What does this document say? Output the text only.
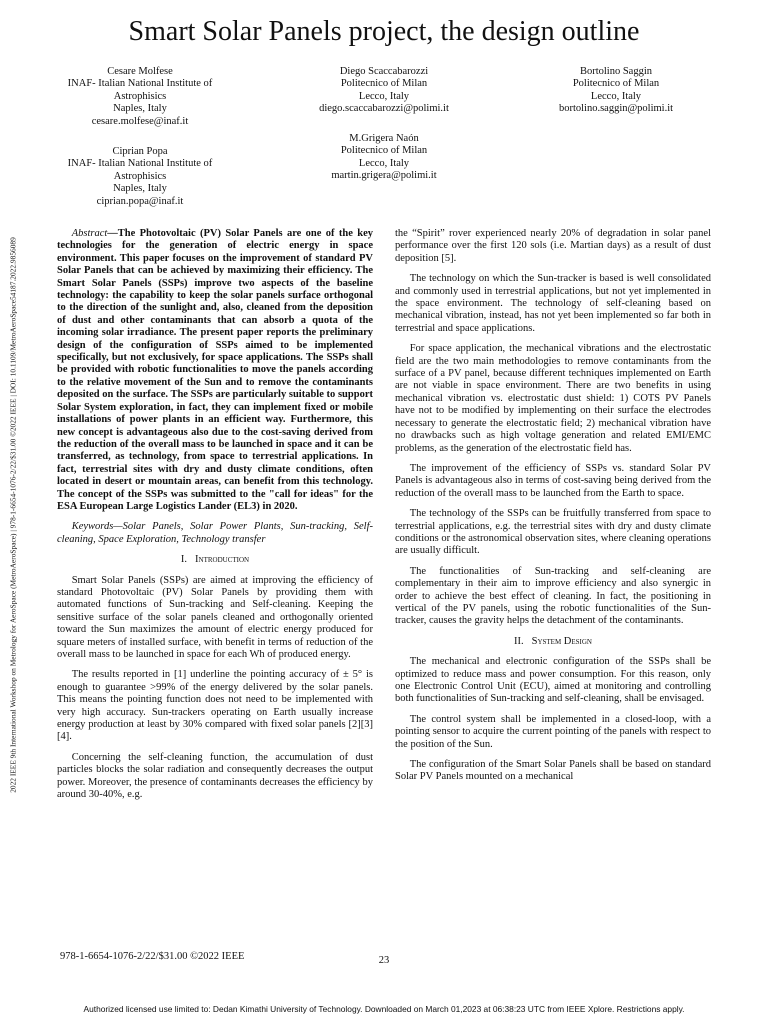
Smart Solar Panels project, the design outline
2022 IEEE 9th International Workshop on Metrology for AeroSpace (MetroAeroSpace) | 978-1-6654-1076-2/22/$31.00 ©2022 IEEE | DOI: 10.1109/MetroAeroSpace54187.2022.9856089
Cesare Molfese
INAF- Italian National Institute of
Astrophisics
Naples, Italy
cesare.molfese@inaf.it
Diego Scaccabarozzi
Politecnico of Milan
Lecco, Italy
diego.scaccabarozzi@polimi.it
Bortolino Saggin
Politecnico of Milan
Lecco, Italy
bortolino.saggin@polimi.it
Ciprian Popa
INAF- Italian National Institute of
Astrophisics
Naples, Italy
ciprian.popa@inaf.it
M.Grigera Naón
Politecnico of Milan
Lecco, Italy
martin.grigera@polimi.it

Abstract—The Photovoltaic (PV) Solar Panels are one of the key technologies for the generation of electric energy in space environment. This paper focuses on the improvement of standard PV Solar Panels that can be achieved by maximizing their efficiency. The Smart Solar Panels (SSPs) improve two aspects of the baseline technology: the capability to keep the solar panels surface orthogonal to the direction of the sunlight and, also, cleaned from the deposition of dust and other contaminants that can absorb a quota of the incoming solar irradiance. The present paper reports the preliminary design of the configuration of SSPs aimed to be implemented specifically, but not exclusively, for space applications. The SSPs shall be provided with robotic functionalities to move the panels according to the relative movement of the Sun and to remove the contaminants deposited on the surface. The SSPs are particularly suitable to support Solar System exploration, in fact, they can implement fixed or mobile installations of power plants in an efficient way. Furthermore, this new concept is advantageous also due to the cost-saving derived from the reduction of the overall mass to be launched in space and it can be transferred, as technology, from space to terrestrial applications. In fact, terrestrial sites with dry and dusty climate conditions, often located in desert or mountain areas, can benefit from this technology. The concept of the SSPs was submitted to the "call for ideas" for the ESA European Large Logistics Lander (EL3) in 2020.

Keywords—Solar Panels, Solar Power Plants, Sun-tracking, Self-cleaning, Space Exploration, Technology transfer

I. Introduction

Smart Solar Panels (SSPs) are aimed at improving the efficiency of standard Photovoltaic (PV) Solar Panels by providing them with automated functions of Sun-tracking and Self-cleaning. Keeping the sensitive surface of the solar panels cleaned and orthogonally oriented toward the Sun maximizes the amount of electric energy produced for square meters of installed surface, with benefit in terms of reduction of the overall mass to be launched in space for each Wh of produced energy.

The results reported in [1] underline the pointing accuracy of ± 5° is enough to guarantee >99% of the energy delivered by the solar panels. This means the pointing function does not need to be implemented with very high accuracy. Sun-trackers operating on Earth usually increase energy production at least by 30% compared with fixed solar panels [2][3][4].

Concerning the self-cleaning function, the accumulation of dust particles blocks the solar radiation and consequently decreases the output power. Moreover, the presence of contaminants decreases the efficiency by around 30-40%, e.g.

the “Spirit” rover experienced nearly 20% of degradation in solar panel performance over the first 120 sols (i.e. Martian days) as a result of dust deposition [5].

The technology on which the Sun-tracker is based is well consolidated and commonly used in terrestrial applications, but not yet implemented in the space environment. The technology of self-cleaning based on mechanical vibration, instead, has not yet been implemented so far both in terrestrial and space applications.

For space application, the mechanical vibrations and the electrostatic field are the two main methodologies to remove contaminants from the surface of a PV panel, because different techniques implemented on Earth are not viable in space environment. There are two benefits in using mechanical vibration vs. electrostatic dust shield: 1) COTS PV Panels have not to be modified by implementing on their surface the electrodes necessary to generate the electrostatic field; 2) mechanical vibration have no drawbacks such as high voltage generation and related EMI/EMC problems, as the generation of the electrostatic field has.

The improvement of the efficiency of SSPs vs. standard Solar PV Panels is advantageous also in terms of cost-saving being derived from the reduction of the overall mass to be launched from the Earth to space.

The technology of the SSPs can be fruitfully transferred from space to terrestrial applications, e.g. the terrestrial sites with dry and dusty climate conditions or the astronomical observation sites, where cleaning operations are usually difficult.

The functionalities of Sun-tracking and self-cleaning are complementary in their aim to improve efficiency and also synergic in order to achieve the best effect of cleaning. In fact, the positioning in vertical of the PV panels, using the robotic functionalities of the Sun-tracker, causes the gravity helps the detachment of the contaminants.

II. System Design

The mechanical and electronic configuration of the SSPs shall be optimized to reduce mass and power consumption. For this reason, only one Electronic Control Unit (ECU), aimed at monitoring and controlling both functionalities of Sun-tracking and self-cleaning, shall be envisaged.

The control system shall be implemented in a closed-loop, with a pointing sensor to acquire the current pointing of the panels with respect to the position of the Sun.

The configuration of the Smart Solar Panels shall be based on standard Solar PV Panels mounted on a mechanical

978-1-6654-1076-2/22/$31.00 ©2022 IEEE	23
Authorized licensed use limited to: Dedan Kimathi University of Technology. Downloaded on March 01,2023 at 06:38:23 UTC from IEEE Xplore. Restrictions apply.
